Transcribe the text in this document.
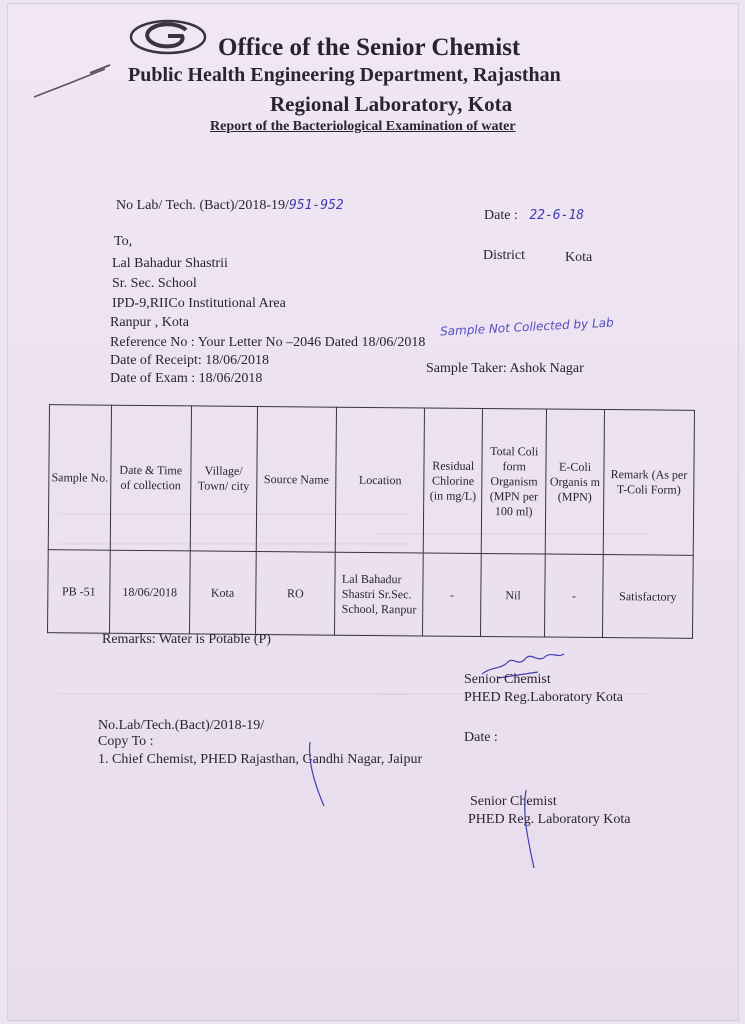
Office of the Senior Chemist
Public Health Engineering Department, Rajasthan
Regional Laboratory, Kota
Report of the Bacteriological Examination of water
No Lab/ Tech. (Bact)/2018-19/951-952
Date : 22-6-18
To,
District	Kota
Lal Bahadur Shastrii
Sr. Sec. School
IPD-9,RIICo Institutional Area
Ranpur , Kota	Sample Not Collected by Lab
Reference No : Your Letter No –2046 Dated 18/06/2018
Date of Receipt: 18/06/2018
Sample Taker: Ashok Nagar
Date of Exam : 18/06/2018
Sample No.	Date & Time of collection	Village/ Town/ city	Source Name	Location	Residual Chlorine (in mg/L)	Total Coli form Organism (MPN per 100 ml)	E-Coli Organis m (MPN)	Remark (As per T-Coli Form)
PB -51	18/06/2018	Kota	RO	Lal Bahadur Shastri Sr.Sec. School, Ranpur	-	Nil	-	Satisfactory
Remarks: Water is Potable (P)
Senior Chemist
PHED Reg.Laboratory Kota
No.Lab/Tech.(Bact)/2018-19/
Copy To :	Date :
1. Chief Chemist, PHED Rajasthan, Gandhi Nagar, Jaipur
Senior Chemist
PHED Reg. Laboratory Kota
